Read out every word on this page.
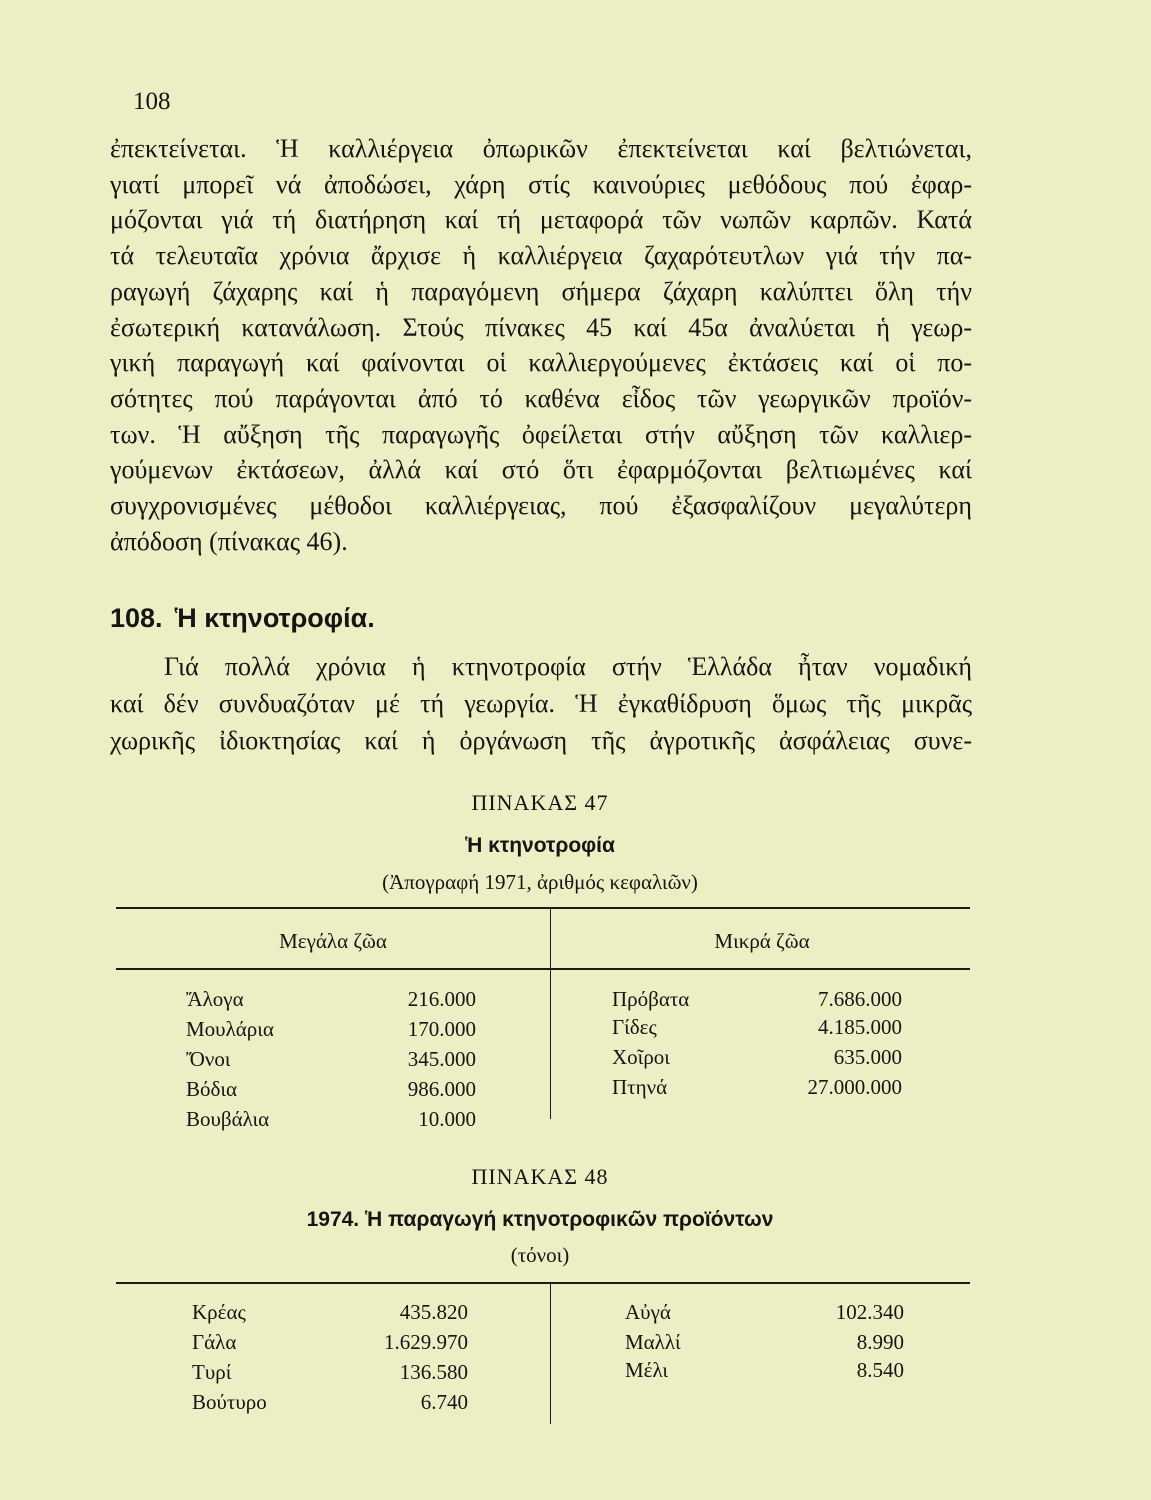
108
ἐπεκτείνεται. Ἡ καλλιέργεια ὀπωρικῶν ἐπεκτείνεται καί βελτιώνεται,
γιατί μπορεῖ νά ἀποδώσει, χάρη στίς καινούριες μεθόδους πού ἐφαρ-
μόζονται γιά τή διατήρηση καί τή μεταφορά τῶν νωπῶν καρπῶν. Κατά
τά τελευταῖα χρόνια ἄρχισε ἡ καλλιέργεια ζαχαρότευτλων γιά τήν πα-
ραγωγή ζάχαρης καί ἡ παραγόμενη σήμερα ζάχαρη καλύπτει ὅλη τήν
ἐσωτερική κατανάλωση. Στούς πίνακες 45 καί 45α ἀναλύεται ἡ γεωρ-
γική παραγωγή καί φαίνονται οἱ καλλιεργούμενες ἐκτάσεις καί οἱ πο-
σότητες πού παράγονται ἀπό τό καθένα εἶδος τῶν γεωργικῶν προϊόν-
των. Ἡ αὔξηση τῆς παραγωγῆς ὀφείλεται στήν αὔξηση τῶν καλλιερ-
γούμενων ἐκτάσεων, ἀλλά καί στό ὅτι ἐφαρμόζονται βελτιωμένες καί
συγχρονισμένες μέθοδοι καλλιέργειας, πού ἐξασφαλίζουν μεγαλύτερη
ἀπόδοση (πίνακας 46).
108. Ἡ κτηνοτροφία.
Γιά πολλά χρόνια ἡ κτηνοτροφία στήν Ἑλλάδα ἦταν νομαδική
καί δέν συνδυαζόταν μέ τή γεωργία. Ἡ ἐγκαθίδρυση ὅμως τῆς μικρᾶς
χωρικῆς ἰδιοκτησίας καί ἡ ὀργάνωση τῆς ἀγροτικῆς ἀσφάλειας συνε-
ΠΙΝΑΚΑΣ 47
Ἡ κτηνοτροφία
(Ἀπογραφή 1971, ἀριθμός κεφαλιῶν)
Μεγάλα ζῶα	Μικρά ζῶα
Ἄλογα	216.000
Μουλάρια	170.000
Ὄνοι	345.000
Βόδια	986.000
Βουβάλια	10.000
Πρόβατα	7.686.000
Γίδες	4.185.000
Χοῖροι	635.000
Πτηνά	27.000.000
ΠΙΝΑΚΑΣ 48
1974. Ἡ παραγωγή κτηνοτροφικῶν προϊόντων
(τόνοι)
Κρέας	435.820
Γάλα	1.629.970
Τυρί	136.580
Βούτυρο	6.740
Αὐγά	102.340
Μαλλί	8.990
Μέλι	8.540
